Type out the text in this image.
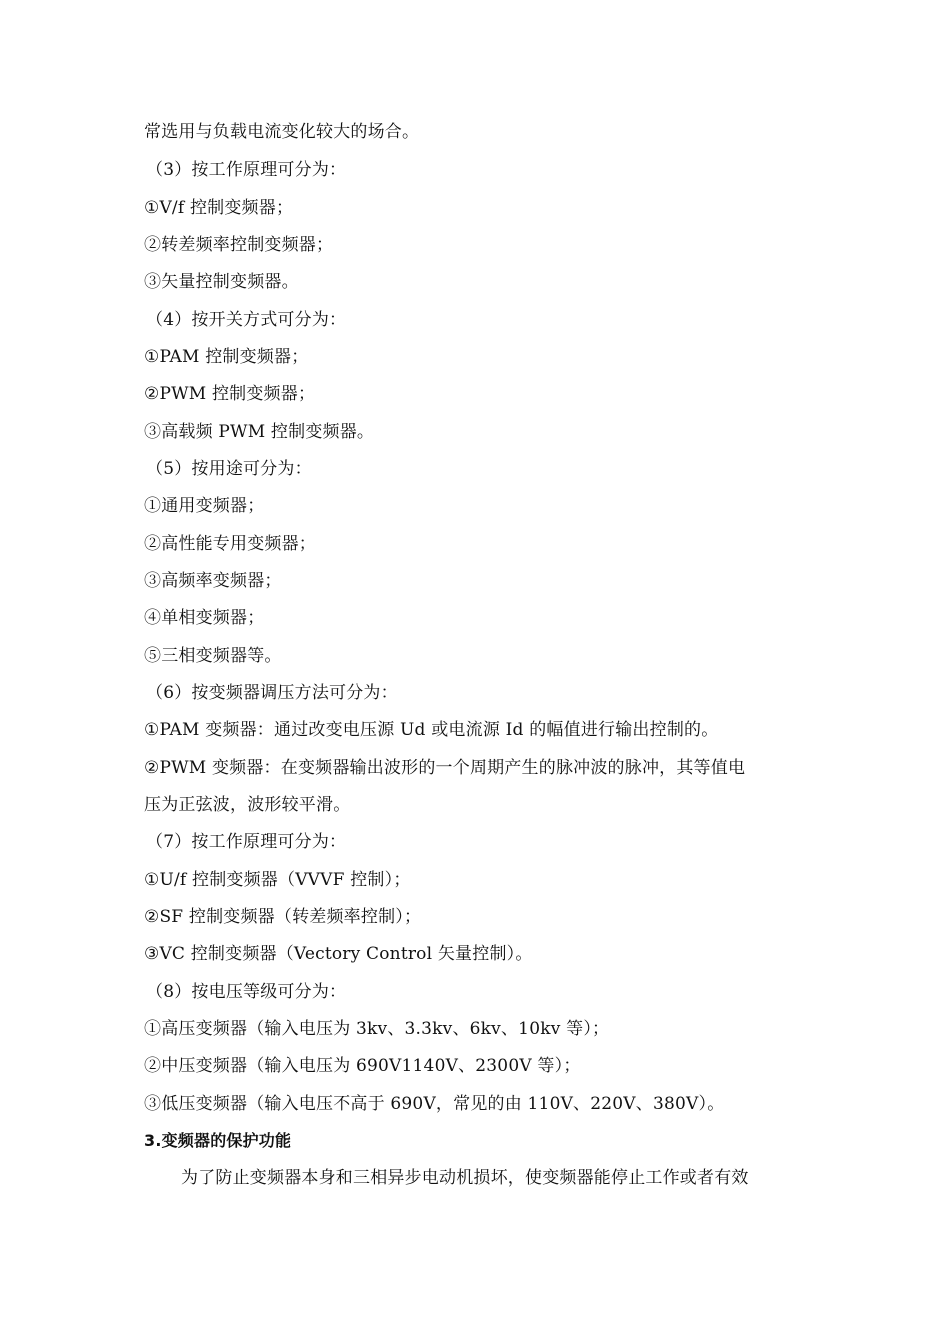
常选用与负载电流变化较大的场合。
（3）按工作原理可分为：
①V/f 控制变频器；
②转差频率控制变频器；
③矢量控制变频器。
（4）按开关方式可分为：
①PAM 控制变频器；
②PWM 控制变频器；
③高载频 PWM 控制变频器。
（5）按用途可分为：
①通用变频器；
②高性能专用变频器；
③高频率变频器；
④单相变频器；
⑤三相变频器等。
（6）按变频器调压方法可分为：
①PAM 变频器：通过改变电压源 Ud 或电流源 Id 的幅值进行输出控制的。
②PWM 变频器：在变频器输出波形的一个周期产生的脉冲波的脉冲，其等值电
压为正弦波，波形较平滑。
（7）按工作原理可分为：
①U/f 控制变频器（VVVF 控制）；
②SF 控制变频器（转差频率控制）；
③VC 控制变频器（Vectory Control 矢量控制）。
（8）按电压等级可分为：
①高压变频器（输入电压为 3kv、3.3kv、6kv、10kv 等）；
②中压变频器（输入电压为 690V1140V、2300V 等）；
③低压变频器（输入电压不高于 690V，常见的由 110V、220V、380V）。
3.变频器的保护功能
为了防止变频器本身和三相异步电动机损坏，使变频器能停止工作或者有效
